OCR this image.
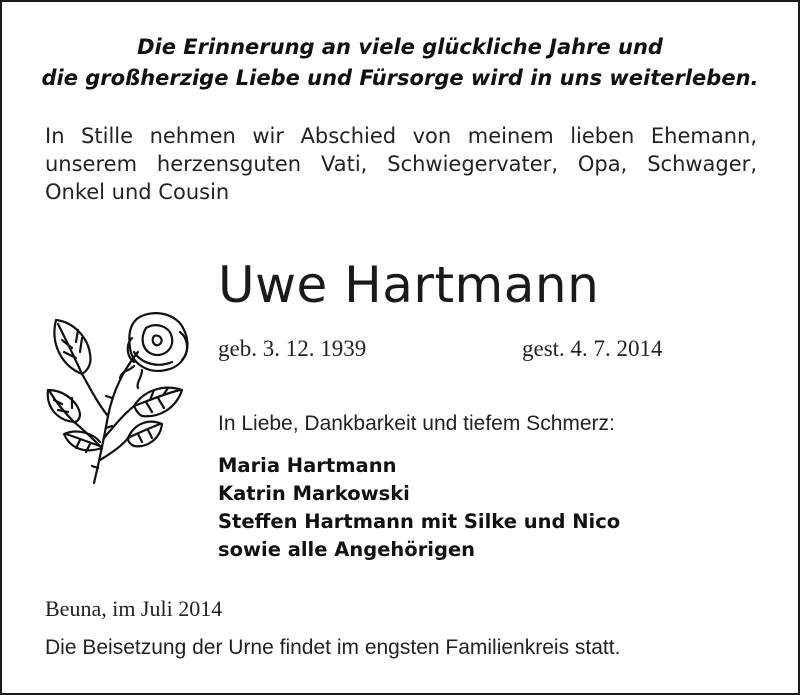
Die Erinnerung an viele glückliche Jahre und
die großherzige Liebe und Fürsorge wird in uns weiterleben.
In Stille nehmen wir Abschied von meinem lieben Ehemann,
unserem herzensguten Vati, Schwiegervater, Opa, Schwager,
Onkel und Cousin
Uwe Hartmann
geb. 3. 12. 1939	gest. 4. 7. 2014
In Liebe, Dankbarkeit und tiefem Schmerz:
Maria Hartmann
Katrin Markowski
Steffen Hartmann mit Silke und Nico
sowie alle Angehörigen
Beuna, im Juli 2014
Die Beisetzung der Urne findet im engsten Familienkreis statt.
